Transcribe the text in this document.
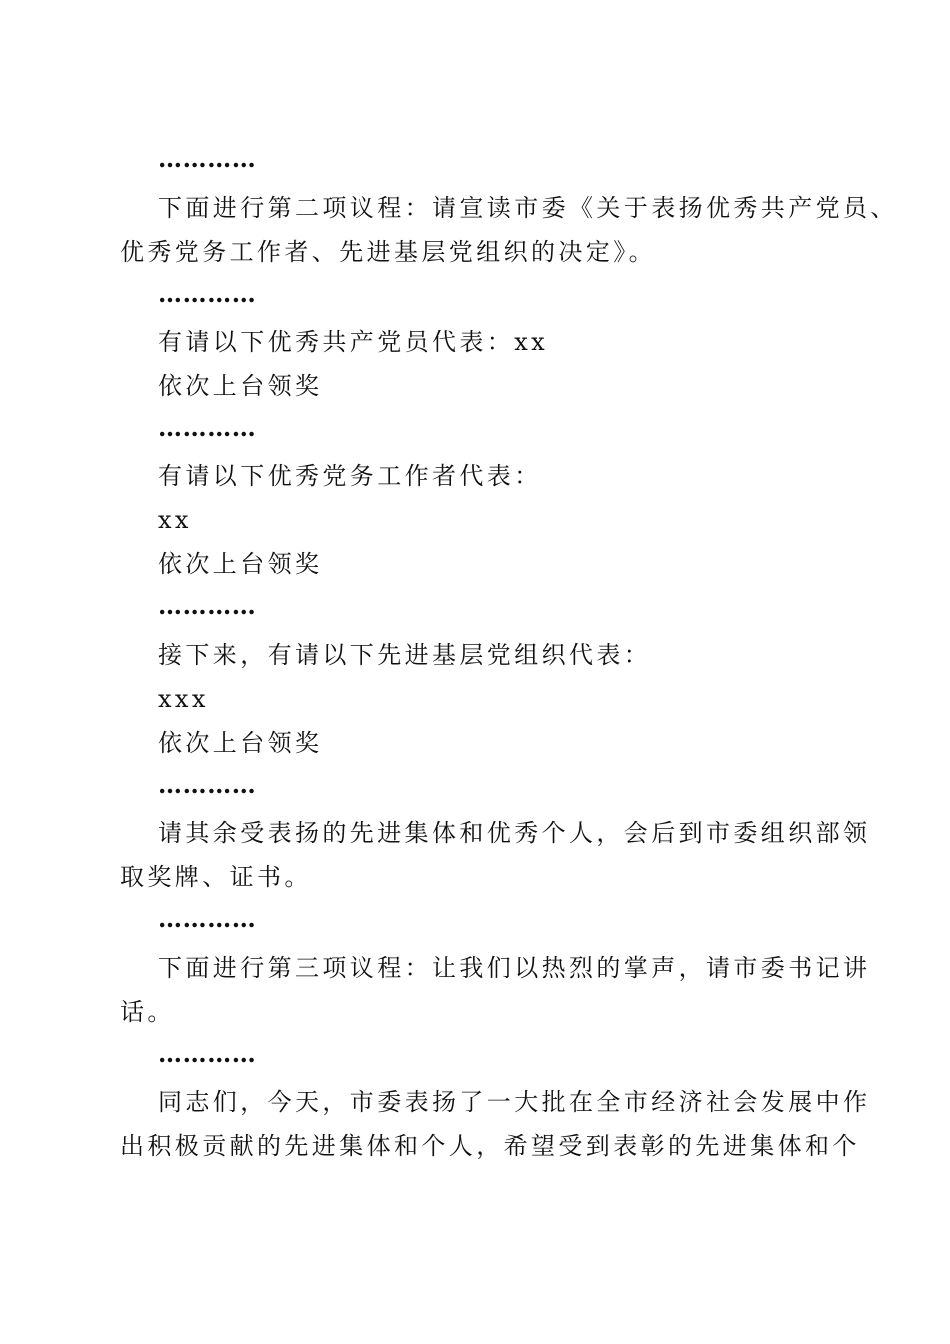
…………
下面进行第二项议程：请宣读市委《关于表扬优秀共产党员、
优秀党务工作者、先进基层党组织的决定》。
…………
有请以下优秀共产党员代表：xx
依次上台领奖
…………
有请以下优秀党务工作者代表：
xx
依次上台领奖
…………
接下来，有请以下先进基层党组织代表：
xxx
依次上台领奖
…………
请其余受表扬的先进集体和优秀个人，会后到市委组织部领
取奖牌、证书。
…………
下面进行第三项议程：让我们以热烈的掌声，请市委书记讲
话。
…………
同志们，今天，市委表扬了一大批在全市经济社会发展中作
出积极贡献的先进集体和个人，希望受到表彰的先进集体和个
